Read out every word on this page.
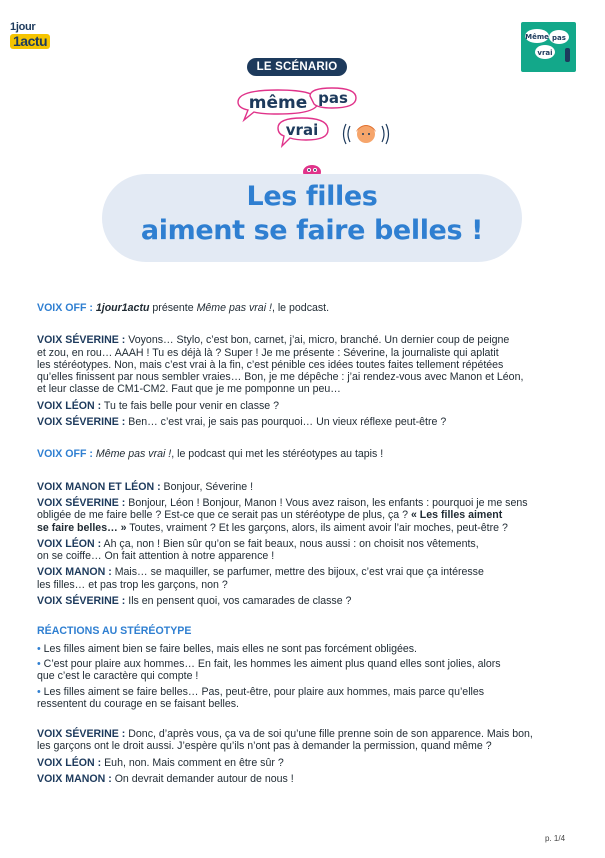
1jour
1actu	Même pas
vrai
LE SCÉNARIO
même pas
vrai
Les filles
aiment se faire belles !

VOIX OFF : 1jour1actu présente Même pas vrai !, le podcast.

VOIX SÉVERINE : Voyons… Stylo, c’est bon, carnet, j’ai, micro, branché. Un dernier coup de peigne
et zou, en rou… AAAH ! Tu es déjà là ? Super ! Je me présente : Séverine, la journaliste qui aplatit
les stéréotypes. Non, mais c’est vrai à la fin, c’est pénible ces idées toutes faites tellement répétées
qu’elles finissent par nous sembler vraies… Bon, je me dépêche : j’ai rendez-vous avec Manon et Léon,
et leur classe de CM1-CM2. Faut que je me pomponne un peu…

VOIX LÉON : Tu te fais belle pour venir en classe ?

VOIX SÉVERINE : Ben… c’est vrai, je sais pas pourquoi… Un vieux réflexe peut-être ?

VOIX OFF : Même pas vrai !, le podcast qui met les stéréotypes au tapis !

VOIX MANON ET LÉON : Bonjour, Séverine !

VOIX SÉVERINE : Bonjour, Léon ! Bonjour, Manon ! Vous avez raison, les enfants : pourquoi je me sens
obligée de me faire belle ? Est-ce que ce serait pas un stéréotype de plus, ça ? « Les filles aiment
se faire belles… » Toutes, vraiment ? Et les garçons, alors, ils aiment avoir l’air moches, peut-être ?

VOIX LÉON : Ah ça, non ! Bien sûr qu’on se fait beaux, nous aussi : on choisit nos vêtements,
on se coiffe… On fait attention à notre apparence !

VOIX MANON : Mais… se maquiller, se parfumer, mettre des bijoux, c’est vrai que ça intéresse
les filles… et pas trop les garçons, non ?

VOIX SÉVERINE : Ils en pensent quoi, vos camarades de classe ?

RÉACTIONS AU STÉRÉOTYPE

• Les filles aiment bien se faire belles, mais elles ne sont pas forcément obligées.

• C’est pour plaire aux hommes… En fait, les hommes les aiment plus quand elles sont jolies, alors
que c’est le caractère qui compte !

• Les filles aiment se faire belles… Pas, peut-être, pour plaire aux hommes, mais parce qu’elles
ressentent du courage en se faisant belles.

VOIX SÉVERINE : Donc, d’après vous, ça va de soi qu’une fille prenne soin de son apparence. Mais bon,
les garçons ont le droit aussi. J’espère qu’ils n’ont pas à demander la permission, quand même ?

VOIX LÉON : Euh, non. Mais comment en être sûr ?

VOIX MANON : On devrait demander autour de nous !

p. 1/4
